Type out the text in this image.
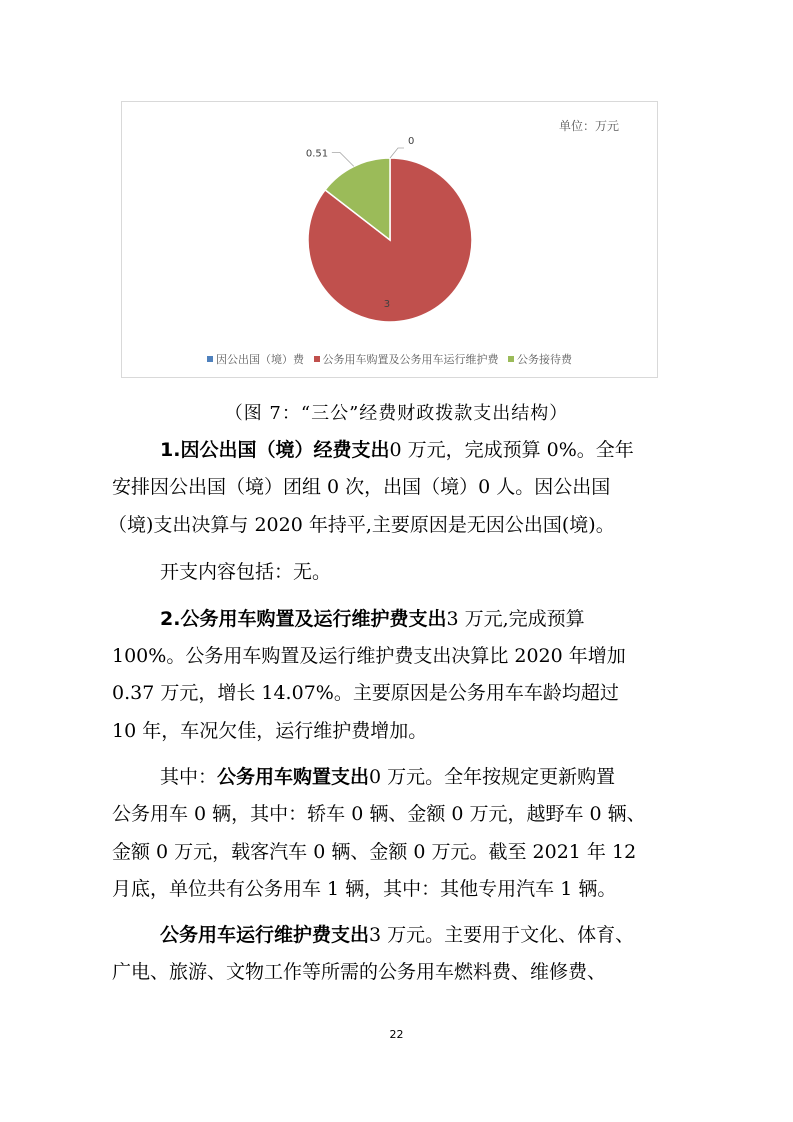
3
0.51
0
单位：万元
因公出国（境）费 公务用车购置及公务用车运行维护费 公务接待费
（图 7：“三公”经费财政拨款支出结构）
1.因公出国（境）经费支出0 万元，完成预算 0%。全年
安排因公出国（境）团组 0 次，出国（境）0 人。因公出国
（境)支出决算与 2020 年持平,主要原因是无因公出国(境)。
开支内容包括：无。
2.公务用车购置及运行维护费支出3 万元,完成预算
100%。公务用车购置及运行维护费支出决算比 2020 年增加
0.37 万元，增长 14.07%。主要原因是公务用车车龄均超过
10 年，车况欠佳，运行维护费增加。
其中：公务用车购置支出0 万元。全年按规定更新购置
公务用车 0 辆，其中：轿车 0 辆、金额 0 万元，越野车 0 辆、
金额 0 万元，载客汽车 0 辆、金额 0 万元。截至 2021 年 12
月底，单位共有公务用车 1 辆，其中：其他专用汽车 1 辆。
公务用车运行维护费支出3 万元。主要用于文化、体育、
广电、旅游、文物工作等所需的公务用车燃料费、维修费、
22
